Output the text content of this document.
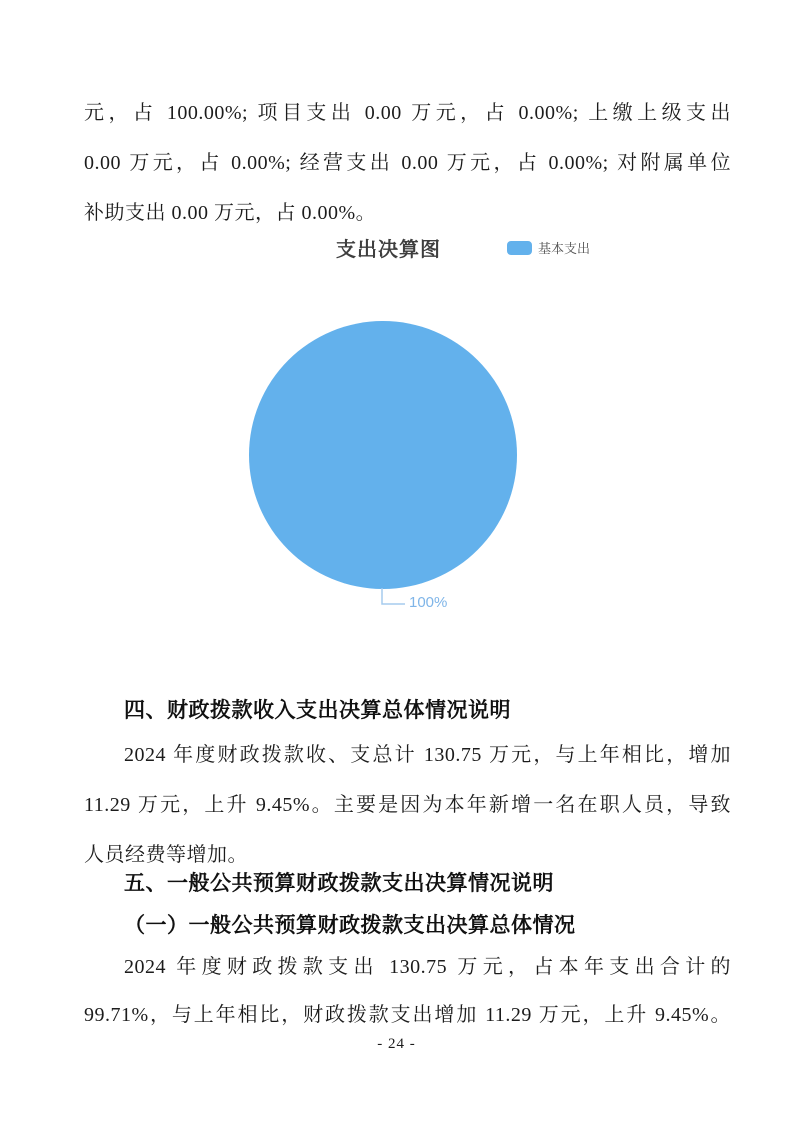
元，占 100.00%; 项目支出 0.00 万元，占 0.00%; 上缴上级支出
0.00 万元，占 0.00%; 经营支出 0.00 万元，占 0.00%; 对附属单位
补助支出 0.00 万元，占 0.00%。
支出决算图	基本支出
100%
四、财政拨款收入支出决算总体情况说明
2024 年度财政拨款收、支总计 130.75 万元，与上年相比，增加
11.29 万元，上升 9.45%。主要是因为本年新增一名在职人员，导致
人员经费等增加。
五、一般公共预算财政拨款支出决算情况说明
（一）一般公共预算财政拨款支出决算总体情况
2024 年度财政拨款支出 130.75 万元，占本年支出合计的
99.71%，与上年相比，财政拨款支出增加 11.29 万元，上升 9.45%。
- 24 -
